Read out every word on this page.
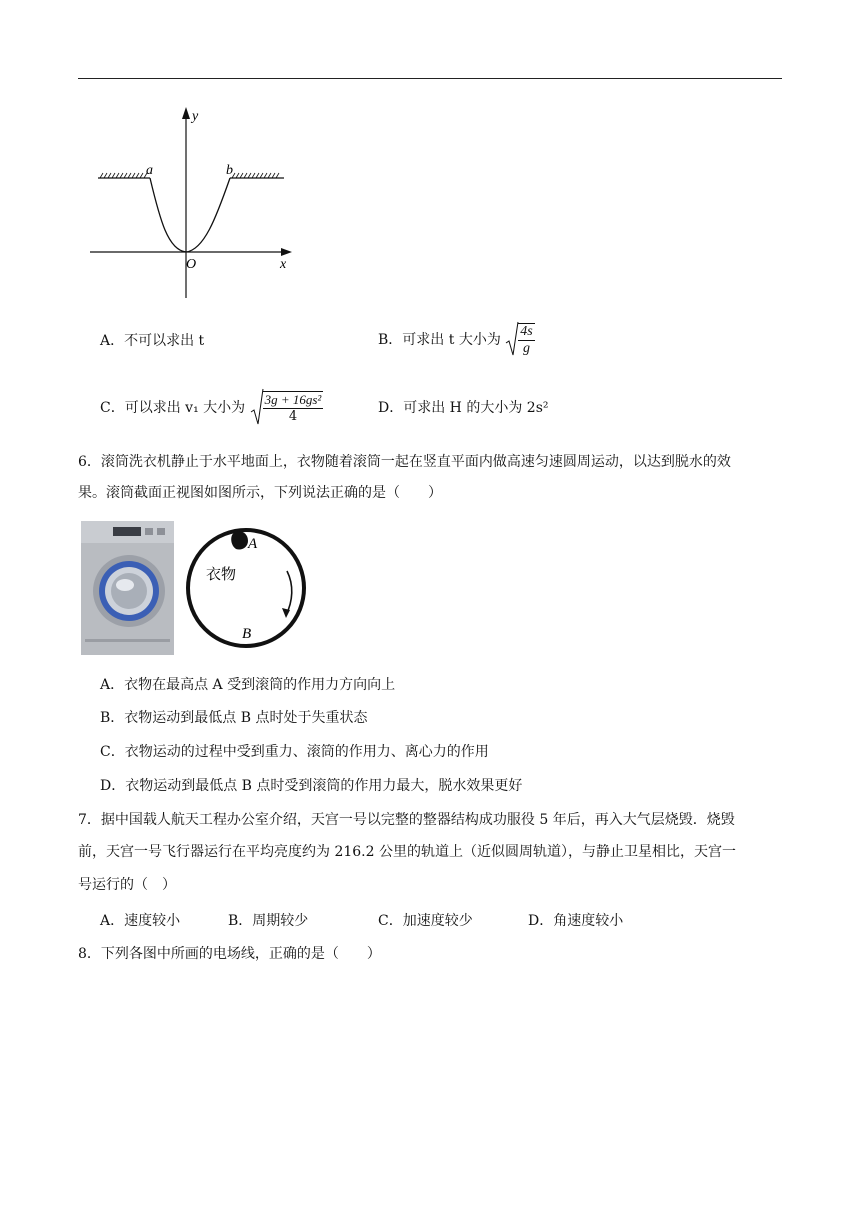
a	b
y
x
O
A．不可以求出 t	B．可求出 t 大小为 $\frac{4s}{g}$
C．可以求出 v₁ 大小为 $\frac{\text{3g + 16gs²}}{4}$	D．可求出 H 的大小为 2s²
6．滚筒洗衣机静止于水平地面上，衣物随着滚筒一起在竖直平面内做高速匀速圆周运动，以达到脱水的效
果。滚筒截面正视图如图所示，下列说法正确的是（　　）
A
B
衣物
A．衣物在最高点 A 受到滚筒的作用力方向向上
B．衣物运动到最低点 B 点时处于失重状态
C．衣物运动的过程中受到重力、滚筒的作用力、离心力的作用
D．衣物运动到最低点 B 点时受到滚筒的作用力最大，脱水效果更好
7．据中国载人航天工程办公室介绍，天宫一号以完整的整器结构成功服役 5 年后，再入大气层烧毁．烧毁
前，天宫一号飞行器运行在平均亮度约为 216.2 公里的轨道上（近似圆周轨道），与静止卫星相比，天宫一
号运行的（　）
A．速度较小	B．周期较少	C．加速度较少	D．角速度较小
8．下列各图中所画的电场线，正确的是（　　）
